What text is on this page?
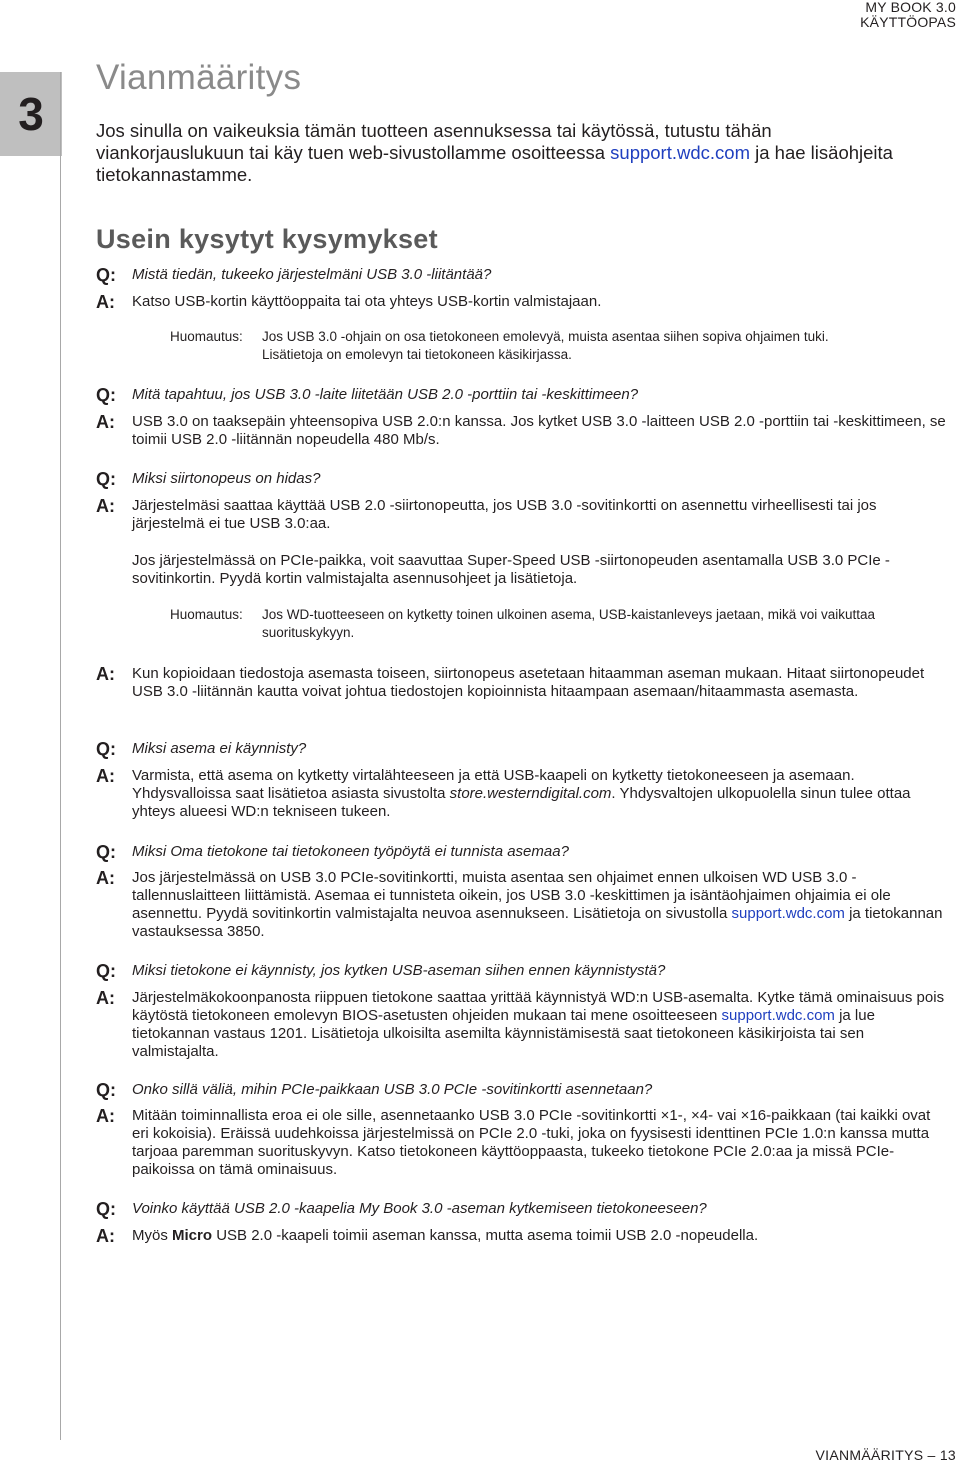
MY BOOK 3.0
KÄYTTÖOPAS
3
Vianmääritys
Jos sinulla on vaikeuksia tämän tuotteen asennuksessa tai käytössä, tutustu tähän viankorjauslukuun tai käy tuen web-sivustollamme osoitteessa support.wdc.com ja hae lisäohjeita tietokannastamme.
Usein kysytyt kysymykset
Q:	Mistä tiedän, tukeeko järjestelmäni USB 3.0 -liitäntää?
A:	Katso USB-kortin käyttöoppaita tai ota yhteys USB-kortin valmistajaan.
Huomautus:	Jos USB 3.0 -ohjain on osa tietokoneen emolevyä, muista asentaa siihen sopiva ohjaimen tuki. Lisätietoja on emolevyn tai tietokoneen käsikirjassa.
Q:	Mitä tapahtuu, jos USB 3.0 -laite liitetään USB 2.0 -porttiin tai -keskittimeen?
A:	USB 3.0 on taaksepäin yhteensopiva USB 2.0:n kanssa. Jos kytket USB 3.0 -laitteen USB 2.0 -porttiin tai -keskittimeen, se toimii USB 2.0 -liitännän nopeudella 480 Mb/s.
Q:	Miksi siirtonopeus on hidas?
A:	Järjestelmäsi saattaa käyttää USB 2.0 -siirtonopeutta, jos USB 3.0 -sovitinkortti on asennettu virheellisesti tai jos järjestelmä ei tue USB 3.0:aa.
Jos järjestelmässä on PCIe-paikka, voit saavuttaa Super-Speed USB -siirtonopeuden asentamalla USB 3.0 PCIe -sovitinkortin. Pyydä kortin valmistajalta asennusohjeet ja lisätietoja.
Huomautus:	Jos WD-tuotteeseen on kytketty toinen ulkoinen asema, USB-kaistanleveys jaetaan, mikä voi vaikuttaa suorituskykyyn.
A:	Kun kopioidaan tiedostoja asemasta toiseen, siirtonopeus asetetaan hitaamman aseman mukaan. Hitaat siirtonopeudet USB 3.0 -liitännän kautta voivat johtua tiedostojen kopioinnista hitaampaan asemaan/hitaammasta asemasta.
Q:	Miksi asema ei käynnisty?
A:	Varmista, että asema on kytketty virtalähteeseen ja että USB-kaapeli on kytketty tietokoneeseen ja asemaan. Yhdysvalloissa saat lisätietoa asiasta sivustolta store.westerndigital.com. Yhdysvaltojen ulkopuolella sinun tulee ottaa yhteys alueesi WD:n tekniseen tukeen.
Q:	Miksi Oma tietokone tai tietokoneen työpöytä ei tunnista asemaa?
A:	Jos järjestelmässä on USB 3.0 PCIe-sovitinkortti, muista asentaa sen ohjaimet ennen ulkoisen WD USB 3.0 -tallennuslaitteen liittämistä. Asemaa ei tunnisteta oikein, jos USB 3.0 -keskittimen ja isäntäohjaimen ohjaimia ei ole asennettu. Pyydä sovitinkortin valmistajalta neuvoa asennukseen. Lisätietoja on sivustolla support.wdc.com ja tietokannan vastauksessa 3850.
Q:	Miksi tietokone ei käynnisty, jos kytken USB-aseman siihen ennen käynnistystä?
A:	Järjestelmäkokoonpanosta riippuen tietokone saattaa yrittää käynnistyä WD:n USB-asemalta. Kytke tämä ominaisuus pois käytöstä tietokoneen emolevyn BIOS-asetusten ohjeiden mukaan tai mene osoitteeseen support.wdc.com ja lue tietokannan vastaus 1201. Lisätietoja ulkoisilta asemilta käynnistämisestä saat tietokoneen käsikirjoista tai sen valmistajalta.
Q:	Onko sillä väliä, mihin PCIe-paikkaan USB 3.0 PCIe -sovitinkortti asennetaan?
A:	Mitään toiminnallista eroa ei ole sille, asennetaanko USB 3.0 PCIe -sovitinkortti ×1-, ×4- vai ×16-paikkaan (tai kaikki ovat eri kokoisia). Eräissä uudehkoissa järjestelmissä on PCIe 2.0 -tuki, joka on fyysisesti identtinen PCIe 1.0:n kanssa mutta tarjoaa paremman suorituskyvyn. Katso tietokoneen käyttöoppaasta, tukeeko tietokone PCIe 2.0:aa ja missä PCIe-paikoissa on tämä ominaisuus.
Q:	Voinko käyttää USB 2.0 -kaapelia My Book 3.0 -aseman kytkemiseen tietokoneeseen?
A:	Myös Micro USB 2.0 -kaapeli toimii aseman kanssa, mutta asema toimii USB 2.0 -nopeudella.
VIANMÄÄRITYS – 13
